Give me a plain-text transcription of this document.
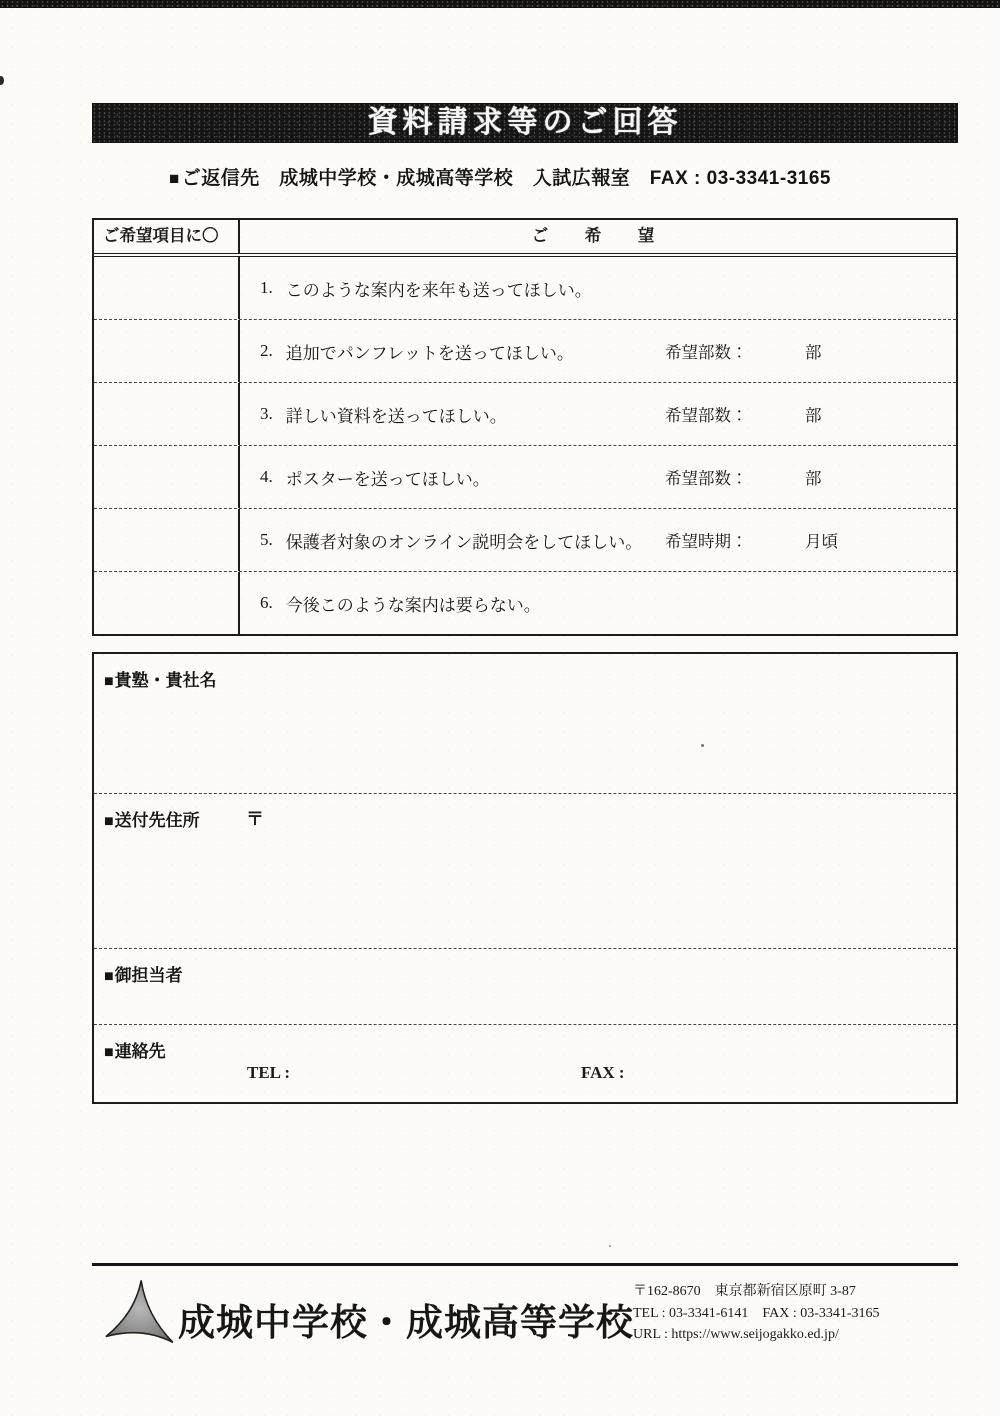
資料請求等のご回答
■ ご返信先　成城中学校・成城高等学校　入試広報室　FAX : 03-3341-3165
ご希望項目に〇	ご　希　望
1. このような案内を来年も送ってほしい。
2. 追加でパンフレットを送ってほしい。	希望部数：	部
3. 詳しい資料を送ってほしい。	希望部数：	部
4. ポスターを送ってほしい。	希望部数：	部
5. 保護者対象のオンライン説明会をしてほしい。 希望時期：	月頃
6. 今後このような案内は要らない。
■貴塾・貴社名
■送付先住所	〒
■御担当者
■連絡先
TEL :	FAX :
成城中学校・成城高等学校
〒162-8670　東京都新宿区原町 3-87
TEL : 03-3341-6141　FAX : 03-3341-3165
URL : https://www.seijogakko.ed.jp/
